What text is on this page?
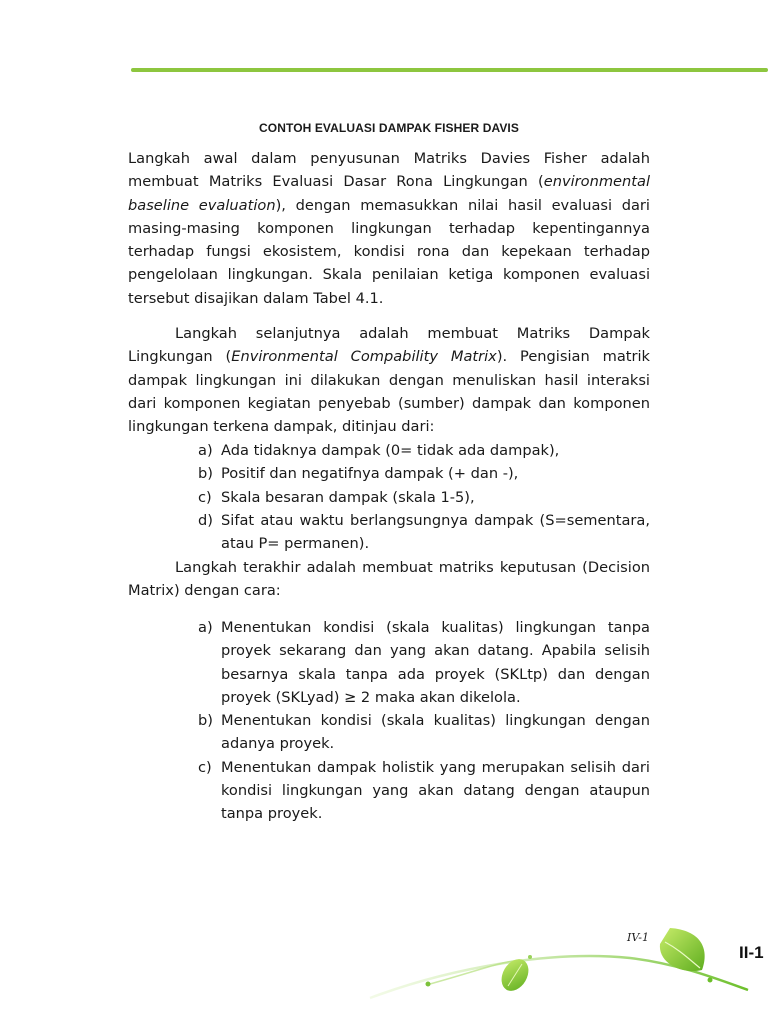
CONTOH EVALUASI DAMPAK FISHER DAVIS

Langkah awal dalam penyusunan Matriks Davies Fisher adalah membuat Matriks Evaluasi Dasar Rona Lingkungan (environmental baseline evaluation), dengan memasukkan nilai hasil evaluasi dari masing-masing komponen lingkungan terhadap kepentingannya terhadap fungsi ekosistem, kondisi rona dan kepekaan terhadap pengelolaan lingkungan. Skala penilaian ketiga komponen evaluasi tersebut disajikan dalam Tabel 4.1.

Langkah selanjutnya adalah membuat Matriks Dampak Lingkungan (Environmental Compability Matrix). Pengisian matrik dampak lingkungan ini dilakukan dengan menuliskan hasil interaksi dari komponen kegiatan penyebab (sumber) dampak dan komponen lingkungan terkena dampak, ditinjau dari:

a) Ada tidaknya dampak (0= tidak ada dampak),
b) Positif dan negatifnya dampak (+ dan -),
c) Skala besaran dampak (skala 1-5),
d) Sifat atau waktu berlangsungnya dampak (S=sementara, atau P= permanen).

Langkah terakhir adalah membuat matriks keputusan (Decision Matrix) dengan cara:

a) Menentukan kondisi (skala kualitas) lingkungan tanpa proyek sekarang dan yang akan datang. Apabila selisih besarnya skala tanpa ada proyek (SKLtp) dan dengan proyek (SKLyad) ≥ 2 maka akan dikelola.
b) Menentukan kondisi (skala kualitas) lingkungan dengan adanya proyek.
c) Menentukan dampak holistik yang merupakan selisih dari kondisi lingkungan yang akan datang dengan ataupun tanpa proyek.
IV-1
II-1
